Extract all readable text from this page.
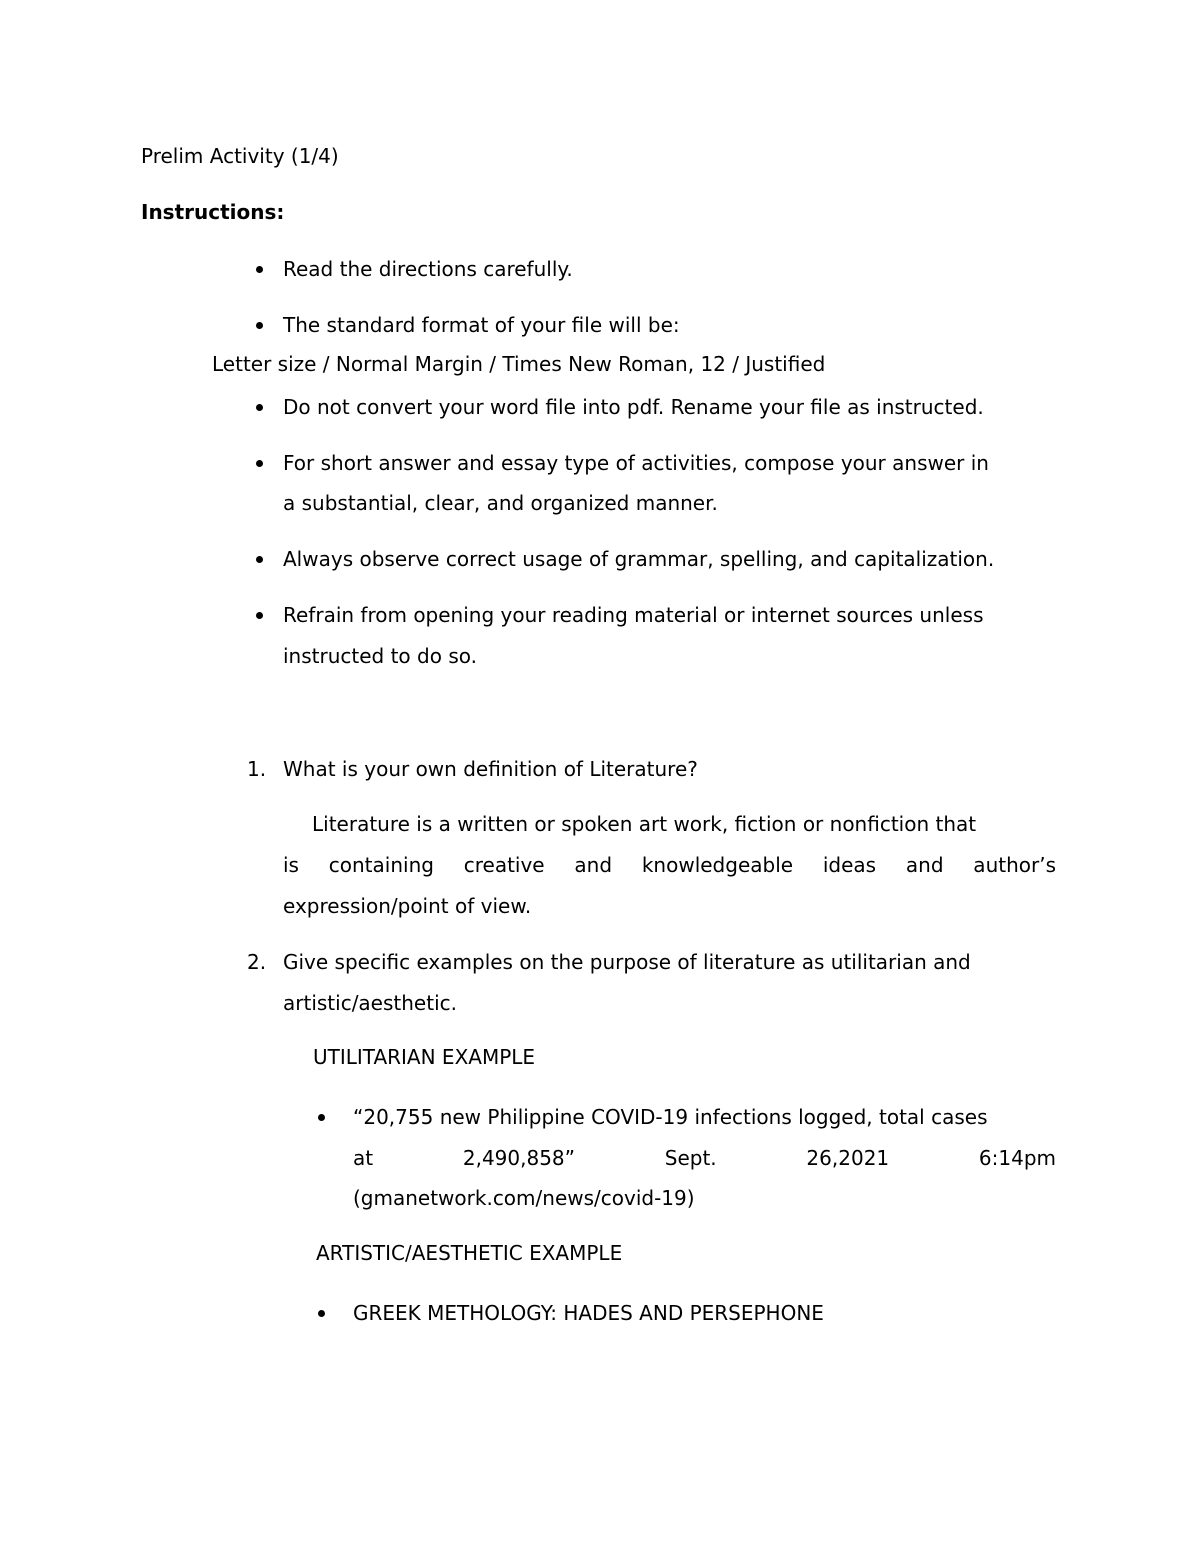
Prelim Activity (1/4)
Instructions:
Read the directions carefully.
The standard format of your file will be:
Letter size / Normal Margin / Times New Roman, 12 / Justified
Do not convert your word file into pdf. Rename your file as instructed.
For short answer and essay type of activities, compose your answer in
a substantial, clear, and organized manner.
Always observe correct usage of grammar, spelling, and capitalization.
Refrain from opening your reading material or internet sources unless
instructed to do so.
1. What is your own definition of Literature?
Literature is a written or spoken art work, fiction or nonfiction that
is containing creative and knowledgeable ideas and author’s
expression/point of view.
2. Give specific examples on the purpose of literature as utilitarian and
artistic/aesthetic.
UTILITARIAN EXAMPLE
“20,755 new Philippine COVID-19 infections logged, total cases
at 2,490,858” Sept. 26,2021 6:14pm
(gmanetwork.com/news/covid-19)
ARTISTIC/AESTHETIC EXAMPLE
GREEK METHOLOGY: HADES AND PERSEPHONE
